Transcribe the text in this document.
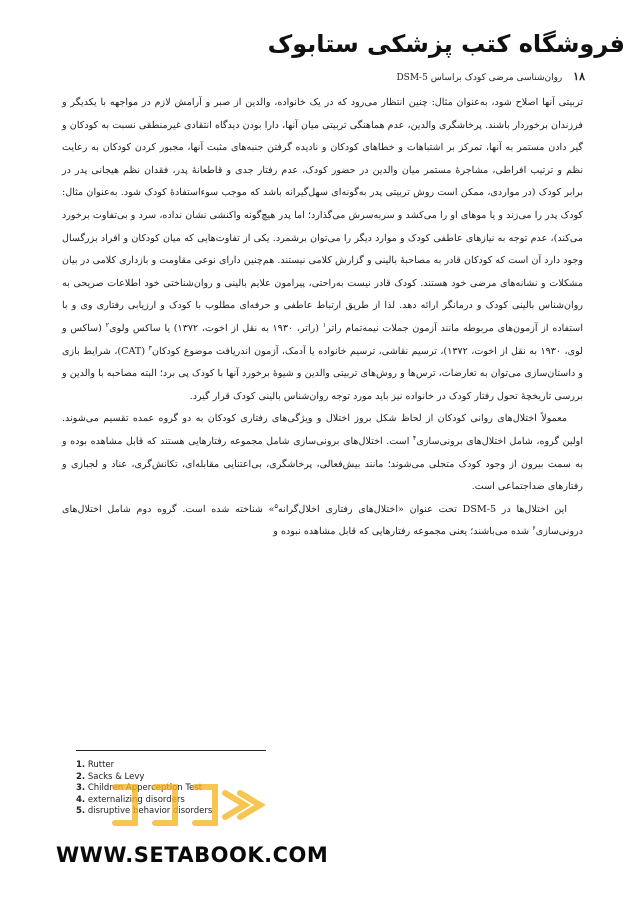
فروشگاه کتب پزشکی ستابوک
۱۸ روان‌شناسی مرضی کودک براساس DSM-5

تربیتی آنها اصلاح شود، به‌عنوان مثال: چنین انتظار می‌رود که در یک خانواده، والدین از صبر و آرامش لازم در مواجهه با یکدیگر و فرزندان برخوردار باشند. پرخاشگری والدین، عدم هماهنگی تربیتی میان آنها، دارا بودن دیدگاه انتقادی غیرمنطقی نسبت به کودکان و گیر دادن مستمر به آنها، تمرکز بر اشتباهات و خطاهای کودکان و نادیده گرفتن جنبه‌های مثبت آنها، مجبور کردن کودکان به رعایت نظم و ترتیب افراطی، مشاجرهٔ مستمر میان والدین در حضور کودک، عدم رفتار جدی و قاطعانهٔ پدر، فقدان نظم هیجانی پدر در برابر کودک (در مواردی، ممکن است روش تربیتی پدر به‌گونه‌ای سهل‌گیرانه باشد که موجب سوءاستفادهٔ کودک شود. به‌عنوان مثال: کودک پدر را می‌زند و یا موهای او را می‌کشد و سربه‌سرش می‌گذارد؛ اما پدر هیچ‌گونه واکنشی نشان نداده، سرد و بی‌تفاوت برخورد می‌کند)، عدم توجه به نیازهای عاطفی کودک و موارد دیگر را می‌توان برشمرد. یکی از تفاوت‌هایی که میان کودکان و افراد بزرگسال وجود دارد آن است که کودکان قادر به مصاحبهٔ بالینی و گزارش کلامی نیستند. هم‌چنین دارای نوعی مقاومت و بازداری کلامی در بیان مشکلات و نشانه‌های مرضی خود هستند. کودک قادر نیست به‌راحتی، پیرامون علایم بالینی و روان‌شناختی خود اطلاعات صریحی به روان‌شناس بالینی کودک و درمانگر ارائه دهد. لذا از طریق ارتباط عاطفی و حرفه‌ای مطلوب با کودک و ارزیابی رفتاری وی و با استفاده از آزمون‌های مربوطه مانند آزمون جملات نیمه‌تمام راتر$^۱$ (راتر، ۱۹۳۰ به نقل از اخوت، ۱۳۷۲) یا ساکس ولوی$^۲$ (ساکس و لوی، ۱۹۳۰ به نقل از اخوت، ۱۳۷۲)، ترسیم نقاشی، ترسیم خانواده یا آدمک، آزمون اندریافت موضوع کودکان$^۳$ (CAT)، شرایط بازی و داستان‌سازی می‌توان به تعارضات، ترس‌ها و روش‌های تربیتی والدین و شیوهٔ برخورد آنها با کودک پی برد؛ البته مصاحبه با والدین و بررسی تاریخچهٔ تحول رفتار کودک در خانواده نیز باید مورد توجه روان‌شناس بالینی کودک قرار گیرد.

معمولاً اختلال‌های روانی کودکان از لحاظ شکل بروز اختلال و ویژگی‌های رفتاری کودکان به دو گروه عمده تقسیم می‌شوند. اولین گروه، شامل اختلال‌های برونی‌سازی$^۴$ است. اختلال‌های برونی‌سازی شامل مجموعه رفتارهایی هستند که قابل مشاهده بوده و به سمت بیرون از وجود کودک متجلی می‌شوند؛ مانند بیش‌فعالی، پرخاشگری، بی‌اعتنایی مقابله‌ای، تکانش‌گری، عناد و لجبازی و رفتارهای ضداجتماعی است.

این اختلال‌ها در DSM-5 تحت عنوان «اختلال‌های رفتاری اخلال‌گرانه$^۵$» شناخته شده است. گروه دوم شامل اختلال‌های درونی‌سازی$^۶$ شده می‌باشند؛ یعنی مجموعه رفتارهایی که قابل مشاهده نبوده و

1. Rutter
2. Sacks & Levy
3. Children Apperception Test
4. externalizing disorders
5. disruptive behavior disorders
WWW.SETABOOK.COM
